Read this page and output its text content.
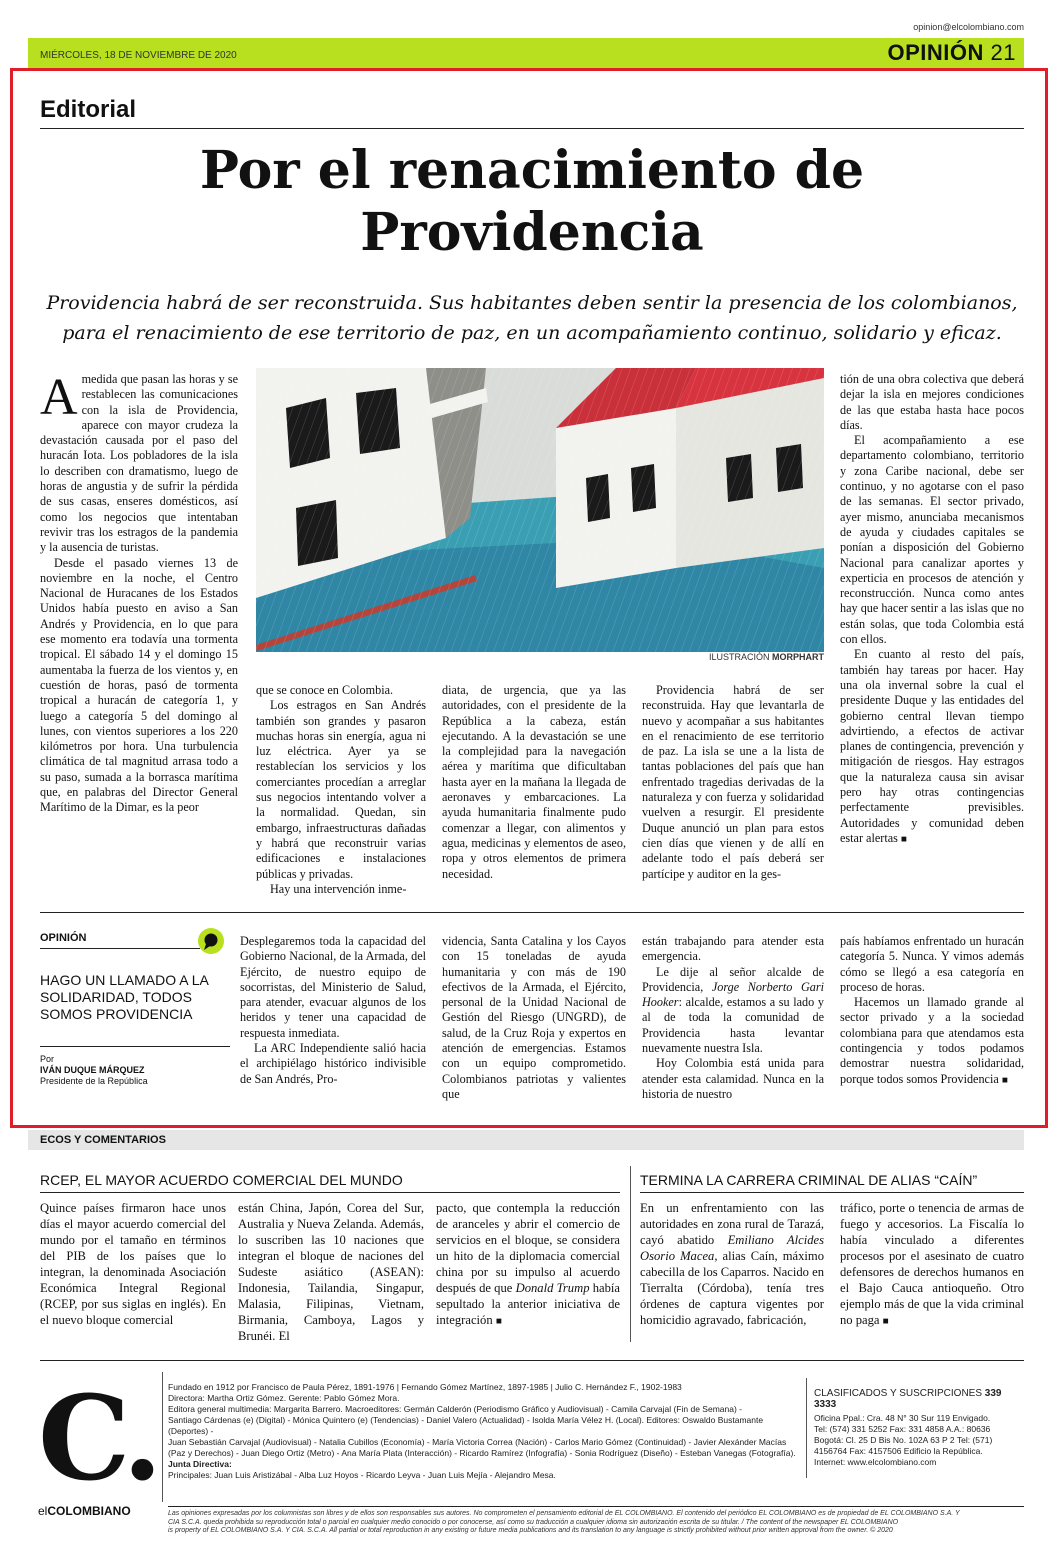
opinion@elcolombiano.com
MIÉRCOLES, 18 DE NOVIEMBRE DE 2020	OPINIÓN 21
Editorial
Por el renacimiento de
Providencia
Providencia habrá de ser reconstruida. Sus habitantes deben sentir la presencia de los colombianos,
para el renacimiento de ese territorio de paz, en un acompañamiento continuo, solidario y eficaz.

Amedida que pasan las horas y se restablecen las comunicaciones con la isla de Providencia, aparece con mayor crudeza la devastación causada por el paso del huracán Iota. Los pobladores de la isla lo describen con dramatismo, luego de horas de angustia y de sufrir la pérdida de sus casas, enseres domésticos, así como los negocios que intentaban revivir tras los estragos de la pandemia y la ausencia de turistas.

Desde el pasado viernes 13 de noviembre en la noche, el Centro Nacional de Huracanes de los Estados Unidos había puesto en aviso a San Andrés y Providencia, en lo que para ese momento era todavía una tormenta tropical. El sábado 14 y el domingo 15 aumentaba la fuerza de los vientos y, en cuestión de horas, pasó de tormenta tropical a huracán de categoría 1, y luego a categoría 5 del domingo al lunes, con vientos superiores a los 220 kilómetros por hora. Una turbulencia climática de tal magnitud arrasa todo a su paso, sumada a la borrasca marítima que, en palabras del Director General Marítimo de la Dimar, es la peor

ILUSTRACIÓN MORPHART

que se conoce en Colombia.

Los estragos en San Andrés también son grandes y pasaron muchas horas sin energía, agua ni luz eléctrica. Ayer ya se restablecían los servicios y los comerciantes procedían a arreglar sus negocios intentando volver a la normalidad. Quedan, sin embargo, infraestructuras dañadas y habrá que reconstruir varias edificaciones e instalaciones públicas y privadas.

Hay una intervención inme-

diata, de urgencia, que ya las autoridades, con el presidente de la República a la cabeza, están ejecutando. A la devastación se une la complejidad para la navegación aérea y marítima que dificultaban hasta ayer en la mañana la llegada de aeronaves y embarcaciones. La ayuda humanitaria finalmente pudo comenzar a llegar, con alimentos y agua, medicinas y elementos de aseo, ropa y otros elementos de primera necesidad.

Providencia habrá de ser reconstruida. Hay que levantarla de nuevo y acompañar a sus habitantes en el renacimiento de ese territorio de paz. La isla se une a la lista de tantas poblaciones del país que han enfrentado tragedias derivadas de la naturaleza y con fuerza y solidaridad vuelven a resurgir. El presidente Duque anunció un plan para estos cien días que vienen y de allí en adelante todo el país deberá ser partícipe y auditor en la ges-

tión de una obra colectiva que deberá dejar la isla en mejores condiciones de las que estaba hasta hace pocos días.

El acompañamiento a ese departamento colombiano, territorio y zona Caribe nacional, debe ser continuo, y no agotarse con el paso de las semanas. El sector privado, ayer mismo, anunciaba mecanismos de ayuda y ciudades capitales se ponían a disposición del Gobierno Nacional para canalizar aportes y experticia en procesos de atención y reconstrucción. Nunca como antes hay que hacer sentir a las islas que no están solas, que toda Colombia está con ellos.

En cuanto al resto del país, también hay tareas por hacer. Hay una ola invernal sobre la cual el presidente Duque y las entidades del gobierno central llevan tiempo advirtiendo, a efectos de activar planes de contingencia, prevención y mitigación de riesgos. Hay estragos que la naturaleza causa sin avisar pero hay otras contingencias perfectamente previsibles. Autoridades y comunidad deben estar alertas ■

OPINIÓN
HAGO UN LLAMADO A LA SOLIDARIDAD, TODOS SOMOS PROVIDENCIA
Por
IVÁN DUQUE MÁRQUEZ
Presidente de la República

Desplegaremos toda la capacidad del Gobierno Nacional, de la Armada, del Ejército, de nuestro equipo de socorristas, del Ministerio de Salud, para atender, evacuar algunos de los heridos y tener una capacidad de respuesta inmediata.

La ARC Independiente salió hacia el archipiélago histórico indivisible de San Andrés, Pro-

videncia, Santa Catalina y los Cayos con 15 toneladas de ayuda humanitaria y con más de 190 efectivos de la Armada, el Ejército, personal de la Unidad Nacional de Gestión del Riesgo (UNGRD), de salud, de la Cruz Roja y expertos en atención de emergencias. Estamos con un equipo comprometido. Colombianos patriotas y valientes que

están trabajando para atender esta emergencia.

Le dije al señor alcalde de Providencia, Jorge Norberto Gari Hooker: alcalde, estamos a su lado y al de toda la comunidad de Providencia hasta levantar nuevamente nuestra Isla.

Hoy Colombia está unida para atender esta calamidad. Nunca en la historia de nuestro

país habíamos enfrentado un huracán categoría 5. Nunca. Y vimos además cómo se llegó a esa categoría en proceso de horas.

Hacemos un llamado grande al sector privado y a la sociedad colombiana para que atendamos esta contingencia y todos podamos demostrar nuestra solidaridad, porque todos somos Providencia ■

ECOS Y COMENTARIOS
RCEP, EL MAYOR ACUERDO COMERCIAL DEL MUNDO

Quince países firmaron hace unos días el mayor acuerdo comercial del mundo por el tamaño en términos del PIB de los países que lo integran, la denominada Asociación Económica Integral Regional (RCEP, por sus siglas en inglés). En el nuevo bloque comercial

están China, Japón, Corea del Sur, Australia y Nueva Zelanda. Además, lo suscriben las 10 naciones que integran el bloque de naciones del Sudeste asiático (ASEAN): Indonesia, Tailandia, Singapur, Malasia, Filipinas, Vietnam, Birmania, Camboya, Lagos y Brunéi. El

pacto, que contempla la reducción de aranceles y abrir el comercio de servicios en el bloque, se considera un hito de la diplomacia comercial china por su impulso al acuerdo después de que Donald Trump había sepultado la anterior iniciativa de integración ■

TERMINA LA CARRERA CRIMINAL DE ALIAS “CAÍN”

En un enfrentamiento con las autoridades en zona rural de Tarazá, cayó abatido Emiliano Alcides Osorio Macea, alias Caín, máximo cabecilla de los Caparros. Nacido en Tierralta (Córdoba), tenía tres órdenes de captura vigentes por homicidio agravado, fabricación,

tráfico, porte o tenencia de armas de fuego y accesorios. La Fiscalía lo había vinculado a diferentes procesos por el asesinato de cuatro defensores de derechos humanos en el Bajo Cauca antioqueño. Otro ejemplo más de que la vida criminal no paga ■

C.
elCOLOMBIANO
Fundado en 1912 por Francisco de Paula Pérez, 1891-1976 | Fernando Gómez Martínez, 1897-1985 | Julio C. Hernández F., 1902-1983
Directora: Martha Ortiz Gómez. Gerente: Pablo Gómez Mora.
Editora general multimedia: Margarita Barrero. Macroeditores: Germán Calderón (Periodismo Gráfico y Audiovisual) - Camila Carvajal (Fin de Semana) -
Santiago Cárdenas (e) (Digital) - Mónica Quintero (e) (Tendencias) - Daniel Valero (Actualidad) - Isolda María Vélez H. (Local). Editores: Oswaldo Bustamante (Deportes) -
Juan Sebastián Carvajal (Audiovisual) - Natalia Cubillos (Economía) - María Victoria Correa (Nación) - Carlos Mario Gómez (Continuidad) - Javier Alexánder Macías
(Paz y Derechos) - Juan Diego Ortiz (Metro) - Ana María Plata (Interacción) - Ricardo Ramírez (Infografía) - Sonia Rodríguez (Diseño) - Esteban Vanegas (Fotografía).
Junta Directiva:
Principales: Juan Luis Aristizábal - Alba Luz Hoyos - Ricardo Leyva - Juan Luis Mejía - Alejandro Mesa.
CLASIFICADOS Y SUSCRIPCIONES 339 3333
Oficina Ppal.: Cra. 48 N° 30 Sur 119 Envigado.
Tel: (574) 331 5252 Fax: 331 4858 A.A.: 80636
Bogotá: Cl. 25 D Bis No. 102A 63 P 2 Tel: (571)
4156764 Fax: 4157506 Edificio la República.
Internet: www.elcolombiano.com
Las opiniones expresadas por los columnistas son libres y de ellos son responsables sus autores. No comprometen el pensamiento editorial de EL COLOMBIANO. El contenido del periódico EL COLOMBIANO es de propiedad de EL COLOMBIANO S.A. Y
CIA S.C.A. queda prohibida su reproducción total o parcial en cualquier medio conocido o por conocerse, así como su traducción a cualquier idioma sin autorización escrita de su titular. / The content of the newspaper EL COLOMBIANO
is property of EL COLOMBIANO S.A. Y CIA. S.C.A. All partial or total reproduction in any existing or future media publications and its translation to any language is strictly prohibited without prior written approval from the owner. © 2020
